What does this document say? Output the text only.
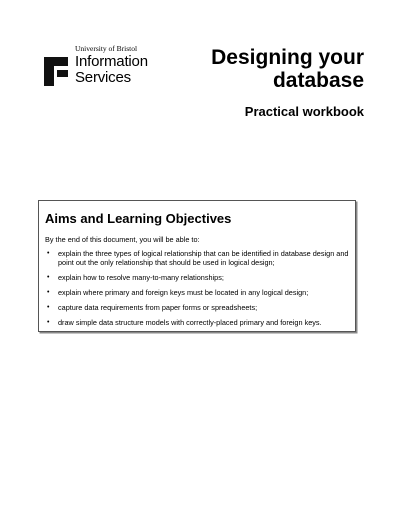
University of Bristol
Information
Services
Designing your database
Practical workbook
Aims and Learning Objectives

By the end of this document, you will be able to:

• explain the three types of logical relationship that can be identified in database design and point out the only relationship that should be used in logical design;
• explain how to resolve many-to-many relationships;
• explain where primary and foreign keys must be located in any logical design;
• capture data requirements from paper forms or spreadsheets;
• draw simple data structure models with correctly-placed primary and foreign keys.
